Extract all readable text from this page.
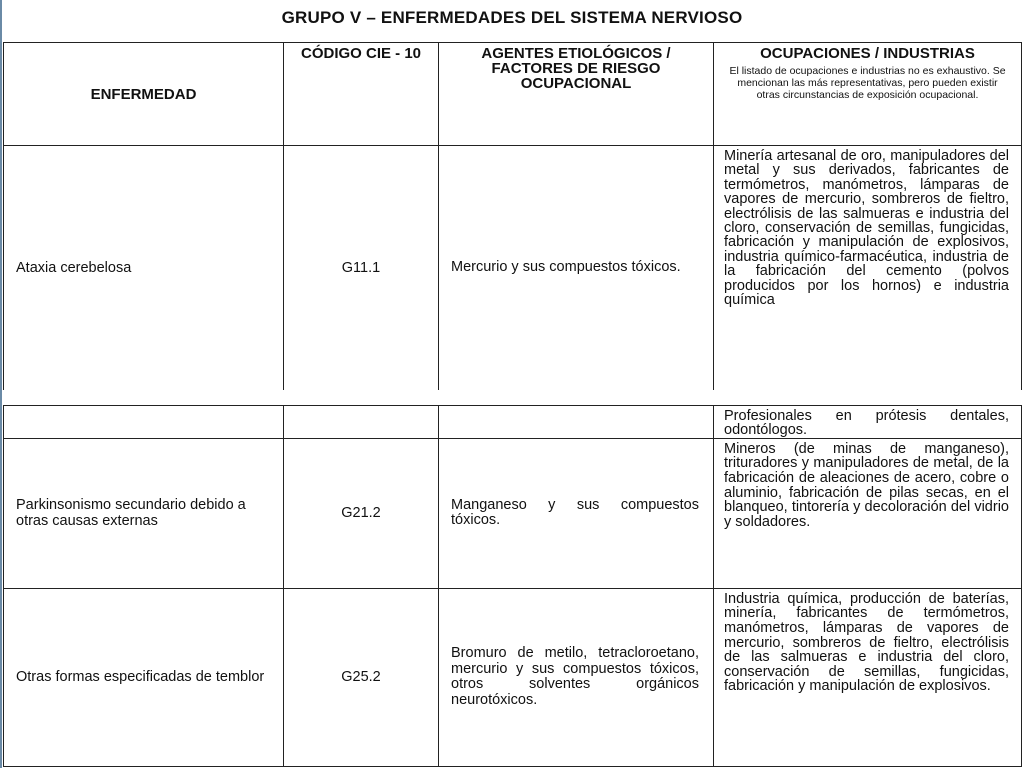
GRUPO V – ENFERMEDADES DEL SISTEMA NERVIOSO
ENFERMEDAD	CÓDIGO CIE - 10	AGENTES ETIOLÓGICOS / FACTORES DE RIESGO OCUPACIONAL	OCUPACIONES / INDUSTRIAS
El listado de ocupaciones e industrias no es exhaustivo. Se mencionan las más representativas, pero pueden existir otras circunstancias de exposición ocupacional.

Ataxia cerebelosa	G11.1	Mercurio y sus compuestos tóxicos.	Minería artesanal de oro, manipuladores del metal y sus derivados, fabricantes de termómetros, manómetros, lámparas de vapores de mercurio, sombreros de fieltro, electrólisis de las salmueras e industria del cloro, conservación de semillas, fungicidas, fabricación y manipulación de explosivos, industria químico-farmacéutica, industria de la fabricación del cemento (polvos producidos por los hornos) e industria química
			Profesionales en prótesis dentales, odontólogos.
Parkinsonismo secundario debido a otras causas externas	G21.2	Manganeso y sus compuestos tóxicos.	Mineros (de minas de manganeso), trituradores y manipuladores de metal, de la fabricación de aleaciones de acero, cobre o aluminio, fabricación de pilas secas, en el blanqueo, tintorería y decoloración del vidrio y soldadores.
Otras formas especificadas de temblor	G25.2	Bromuro de metilo, tetracloroetano, mercurio y sus compuestos tóxicos, otros solventes orgánicos neurotóxicos.	Industria química, producción de baterías, minería, fabricantes de termómetros, manómetros, lámparas de vapores de mercurio, sombreros de fieltro, electrólisis de las salmueras e industria del cloro, conservación de semillas, fungicidas, fabricación y manipulación de explosivos.
